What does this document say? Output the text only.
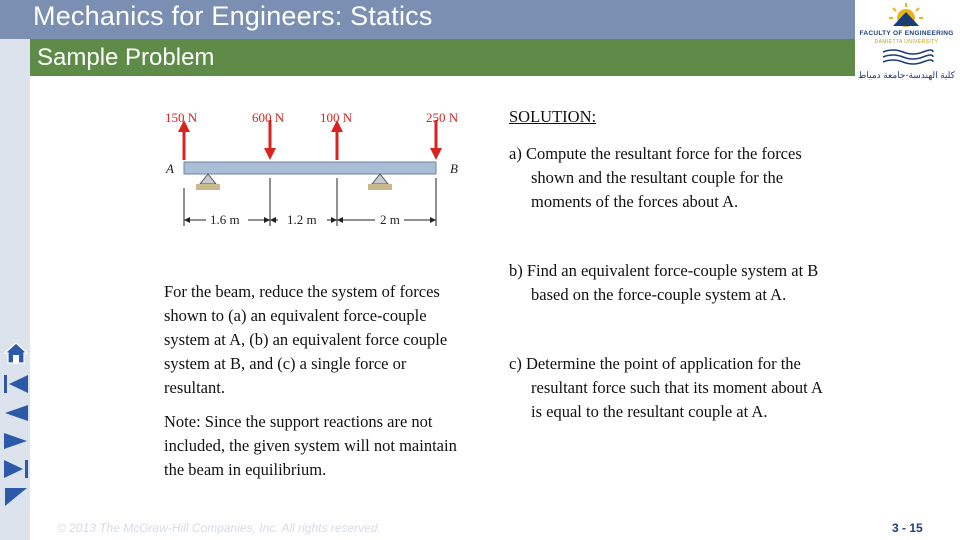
Mechanics for Engineers: Statics
Sample Problem
FACULTY OF ENGINEERING
DAMIETTA UNIVERSITY
كلية الهندسة-جامعة دمياط
150 N	600 N	100 N	250 N
A	B
1.6 m	1.2 m	2 m
For the beam, reduce the system of forces shown to (a) an equivalent force-couple system at A, (b) an equivalent force couple system at B, and (c) a single force or resultant.
Note: Since the support reactions are not included, the given system will not maintain the beam in equilibrium.
SOLUTION:
a) Compute the resultant force for the forces shown and the resultant couple for the moments of the forces about A.
b) Find an equivalent force-couple system at B based on the force-couple system at A.
c) Determine the point of application for the resultant force such that its moment about A is equal to the resultant couple at A.
© 2013 The McGraw-Hill Companies, Inc. All rights reserved.	3 - 15
